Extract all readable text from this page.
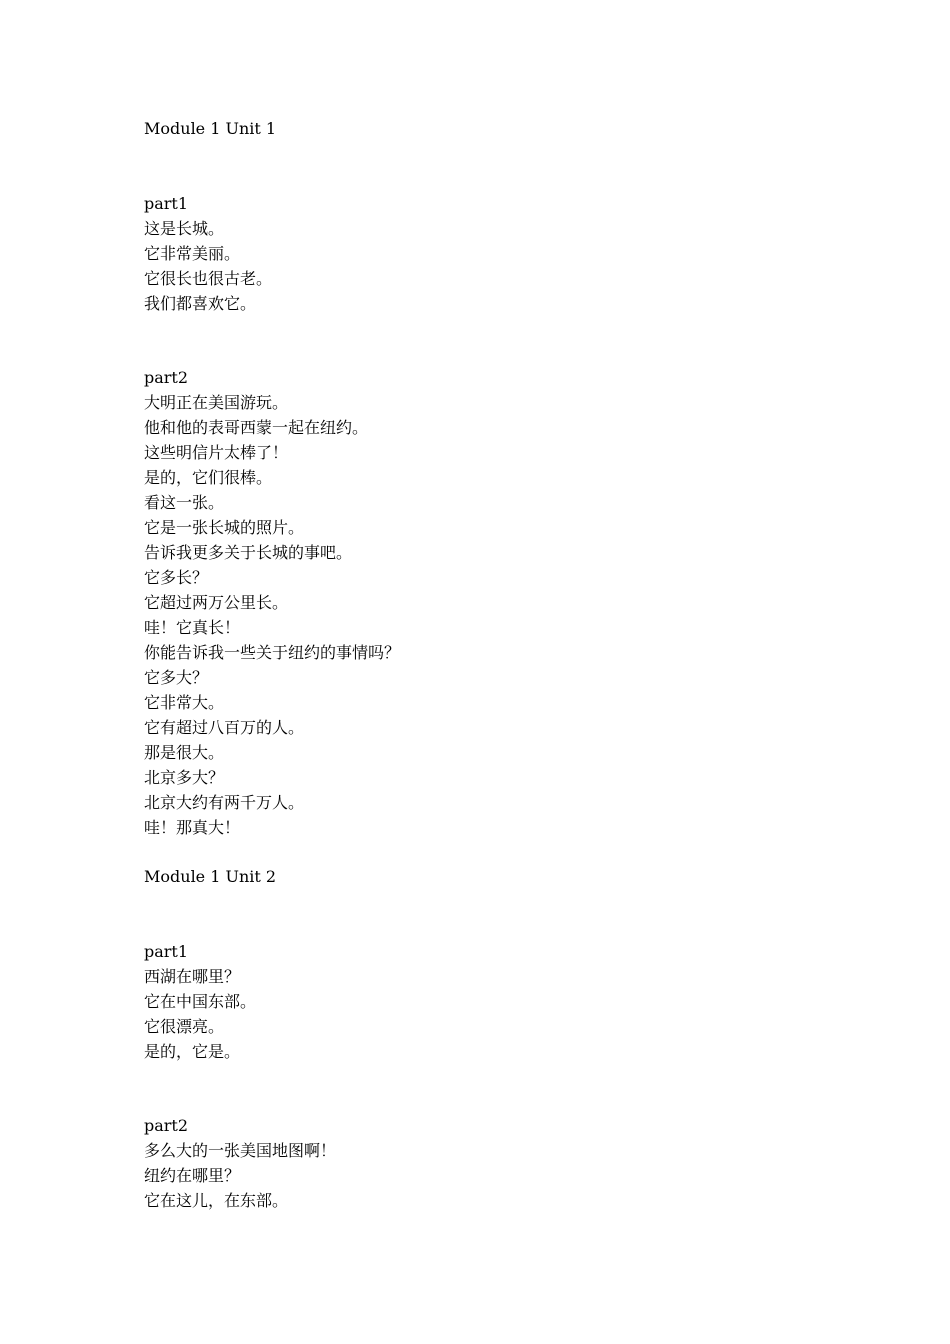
Module 1 Unit 1
part1
这是长城。
它非常美丽。
它很长也很古老。
我们都喜欢它。
part2
大明正在美国游玩。
他和他的表哥西蒙一起在纽约。
这些明信片太棒了！
是的，它们很棒。
看这一张。
它是一张长城的照片。
告诉我更多关于长城的事吧。
它多长？
它超过两万公里长。
哇！它真长！
你能告诉我一些关于纽约的事情吗？
它多大？
它非常大。
它有超过八百万的人。
那是很大。
北京多大？
北京大约有两千万人。
哇！那真大！
Module 1 Unit 2
part1
西湖在哪里？
它在中国东部。
它很漂亮。
是的，它是。
part2
多么大的一张美国地图啊！
纽约在哪里？
它在这儿，在东部。
